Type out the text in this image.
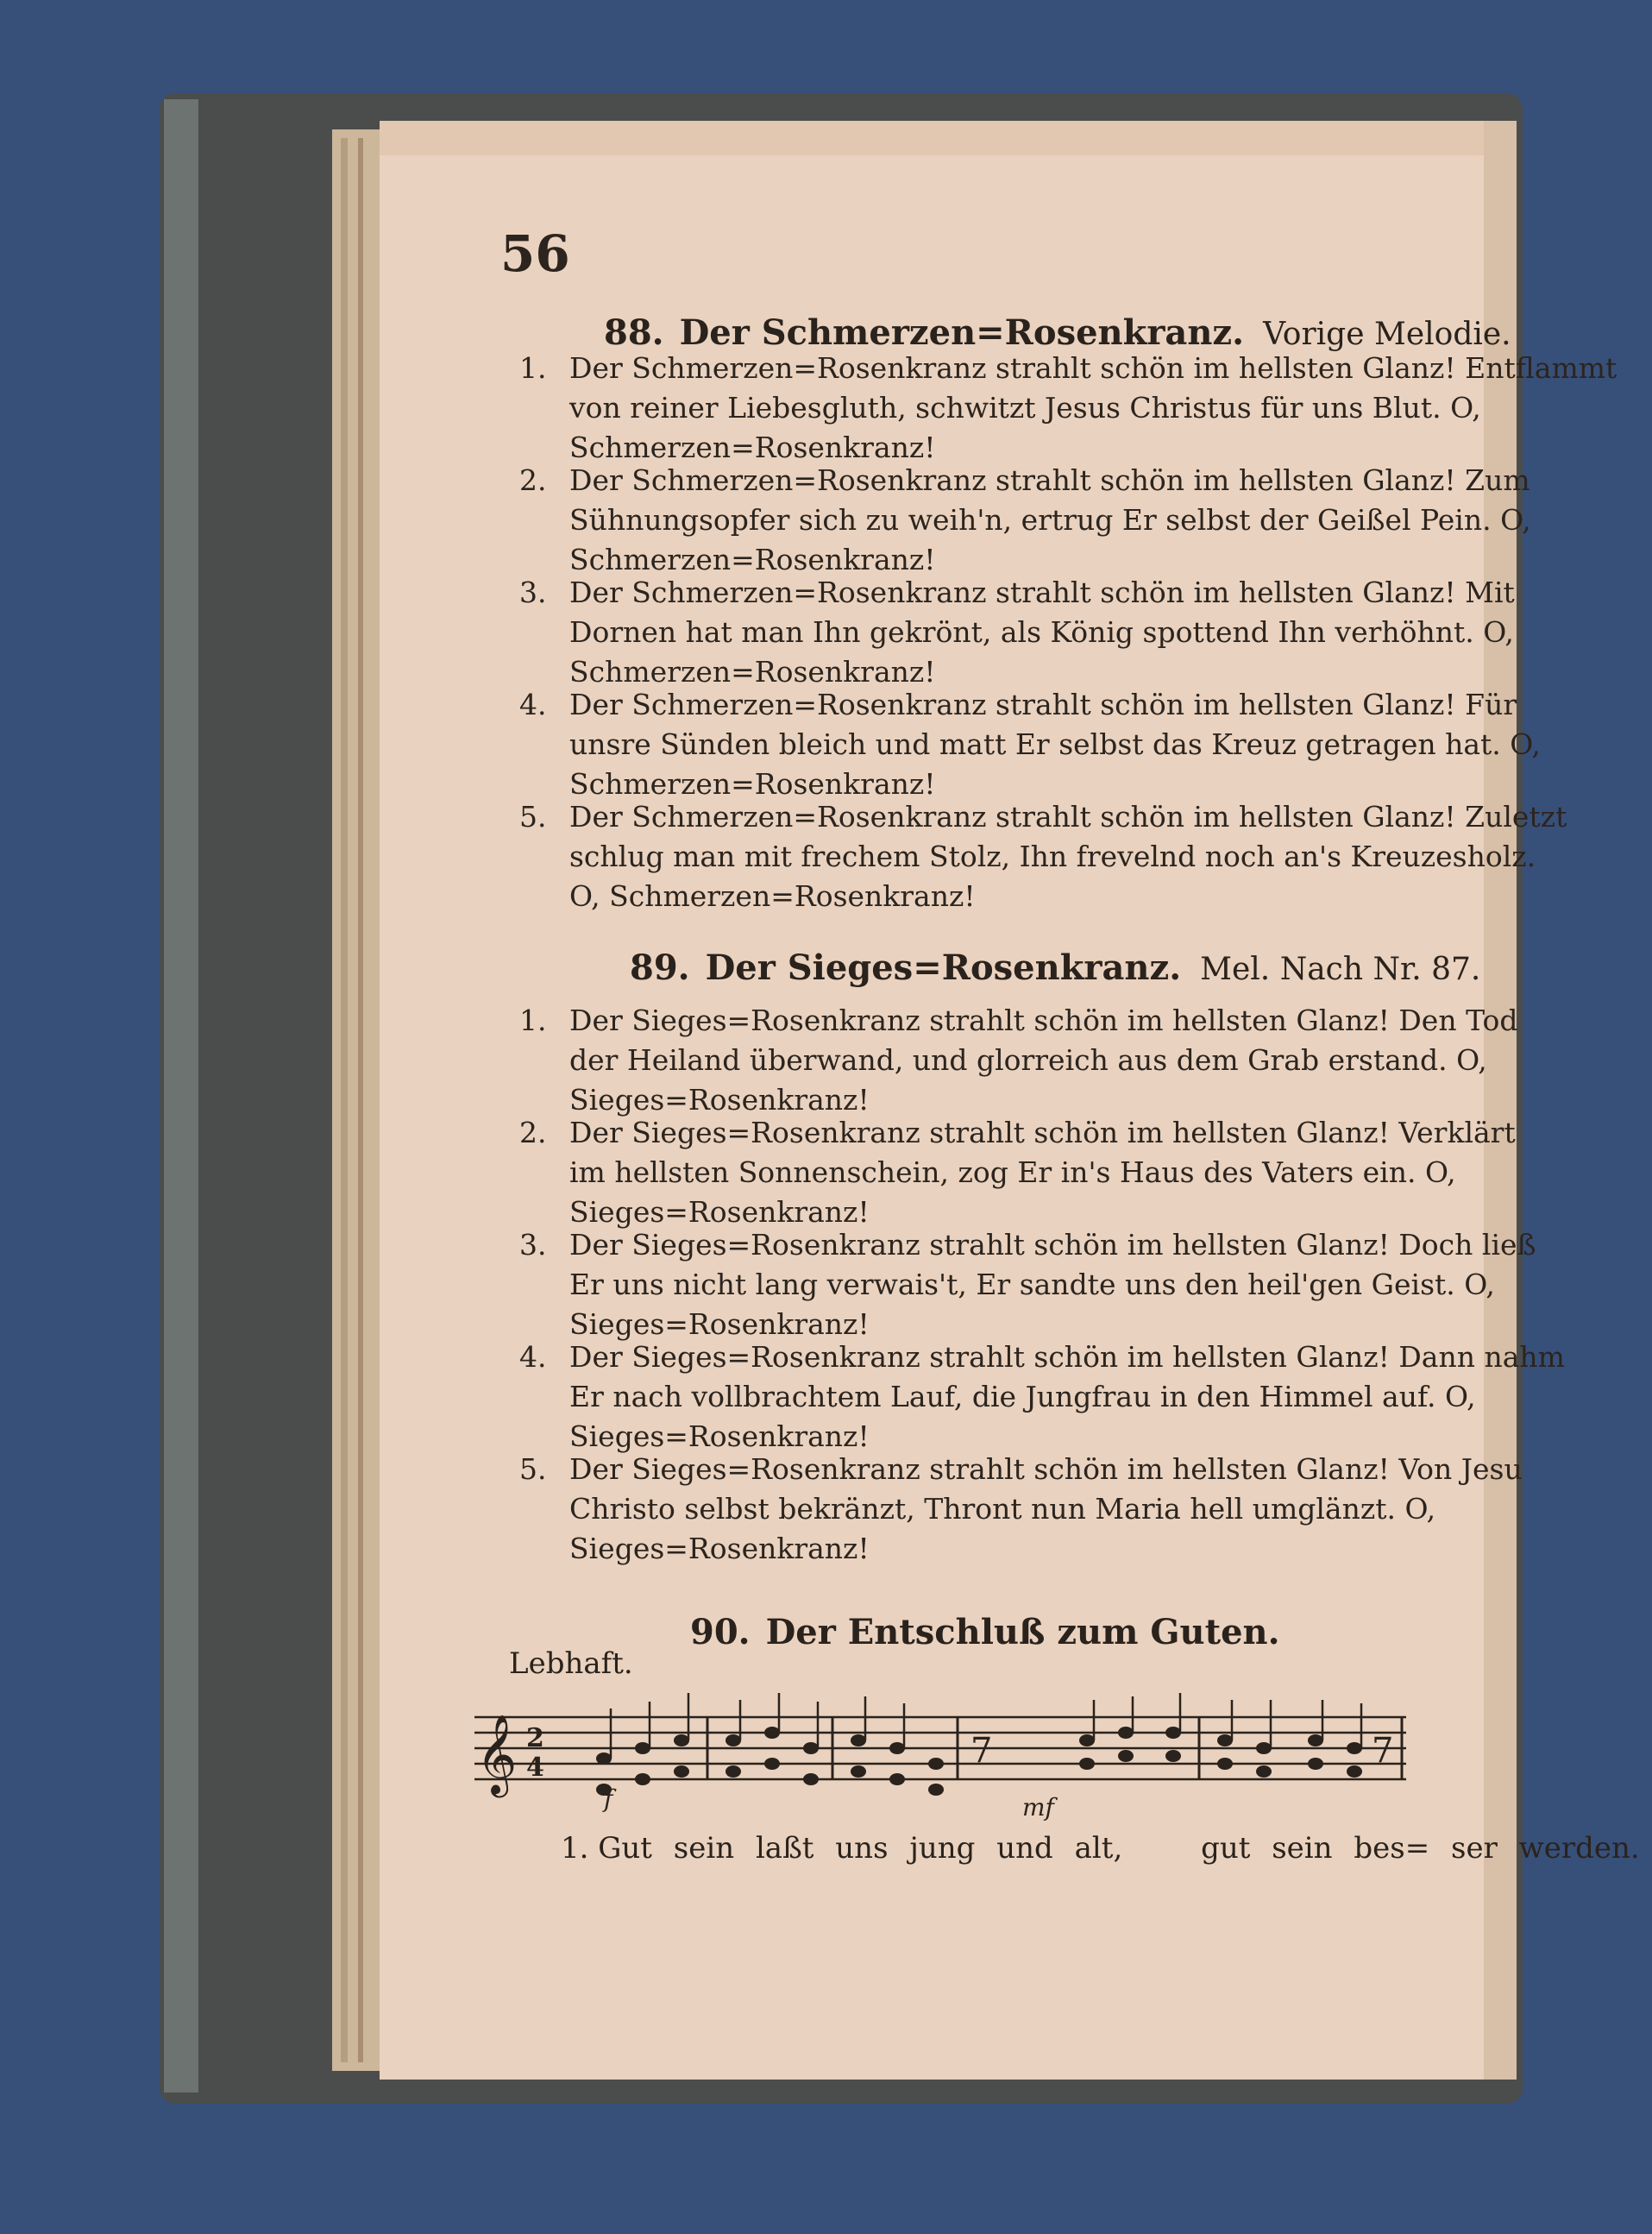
56
88. Der Schmerzen=Rosenkranz. Vorige Melodie.
1. Der Schmerzen=Rosenkranz strahlt schön im hellsten Glanz! Entflammt
von reiner Liebesgluth, schwitzt Jesus Christus für uns Blut. O,
Schmerzen=Rosenkranz!
2. Der Schmerzen=Rosenkranz strahlt schön im hellsten Glanz! Zum
Sühnungsopfer sich zu weih'n, ertrug Er selbst der Geißel Pein. O,
Schmerzen=Rosenkranz!
3. Der Schmerzen=Rosenkranz strahlt schön im hellsten Glanz! Mit
Dornen hat man Ihn gekrönt, als König spottend Ihn verhöhnt. O,
Schmerzen=Rosenkranz!
4. Der Schmerzen=Rosenkranz strahlt schön im hellsten Glanz! Für
unsre Sünden bleich und matt Er selbst das Kreuz getragen hat. O,
Schmerzen=Rosenkranz!
5. Der Schmerzen=Rosenkranz strahlt schön im hellsten Glanz! Zuletzt
schlug man mit frechem Stolz, Ihn frevelnd noch an's Kreuzesholz.
O, Schmerzen=Rosenkranz!
89. Der Sieges=Rosenkranz. Mel. Nach Nr. 87.
1. Der Sieges=Rosenkranz strahlt schön im hellsten Glanz! Den Tod
der Heiland überwand, und glorreich aus dem Grab erstand. O,
Sieges=Rosenkranz!
2. Der Sieges=Rosenkranz strahlt schön im hellsten Glanz! Verklärt
im hellsten Sonnenschein, zog Er in's Haus des Vaters ein. O,
Sieges=Rosenkranz!
3. Der Sieges=Rosenkranz strahlt schön im hellsten Glanz! Doch ließ
Er uns nicht lang verwais't, Er sandte uns den heil'gen Geist. O,
Sieges=Rosenkranz!
4. Der Sieges=Rosenkranz strahlt schön im hellsten Glanz! Dann nahm
Er nach vollbrachtem Lauf, die Jungfrau in den Himmel auf. O,
Sieges=Rosenkranz!
5. Der Sieges=Rosenkranz strahlt schön im hellsten Glanz! Von Jesu
Christo selbst bekränzt, Thront nun Maria hell umglänzt. O,
Sieges=Rosenkranz!
90. Der Entschluß zum Guten.
Lebhaft.
𝄞 2
4	7	7
f	mf
1. Gut sein laßt uns jung und alt,	gut sein bes= ser werden.
